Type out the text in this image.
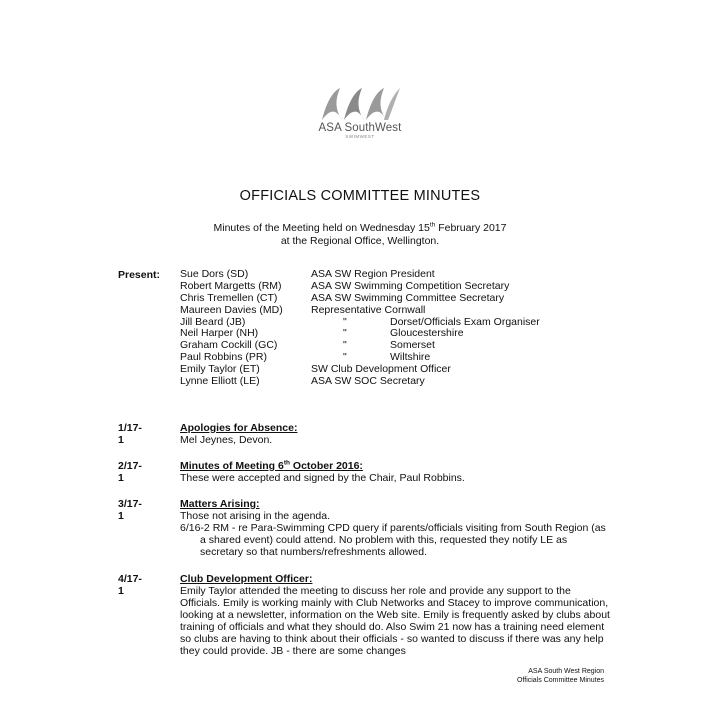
ASA SouthWest
SWIMWEST
OFFICIALS COMMITTEE MINUTES
Minutes of the Meeting held on Wednesday 15th February 2017
at the Regional Office, Wellington.
Present: Sue Dors (SD)	ASA SW Region President
Robert Margetts (RM)	ASA SW Swimming Competition Secretary
Chris Tremellen (CT)	ASA SW Swimming Committee Secretary
Maureen Davies (MD)	Representative Cornwall
Jill Beard (JB)	"	Dorset/Officials Exam Organiser
Neil Harper (NH)	"	Gloucestershire
Graham Cockill (GC)	"	Somerset
Paul Robbins (PR)	"	Wiltshire
Emily Taylor (ET)	SW Club Development Officer
Lynne Elliott (LE)	ASA SW SOC Secretary
1/17-1
Apologies for Absence:
Mel Jeynes, Devon.
2/17-1
Minutes of Meeting 6th October 2016:
These were accepted and signed by the Chair, Paul Robbins.
3/17-1
Matters Arising:
Those not arising in the agenda.
6/16-2 RM - re Para-Swimming CPD query if parents/officials visiting from South Region (as a shared event) could attend. No problem with this, requested they notify LE as secretary so that numbers/refreshments allowed.
4/17-1
Club Development Officer:
Emily Taylor attended the meeting to discuss her role and provide any support to the Officials. Emily is working mainly with Club Networks and Stacey to improve communication, looking at a newsletter, information on the Web site. Emily is frequently asked by clubs about training of officials and what they should do. Also Swim 21 now has a training need element so clubs are having to think about their officials - so wanted to discuss if there was any help they could provide. JB - there are some changes
ASA South West Region
Officials Committee Minutes
